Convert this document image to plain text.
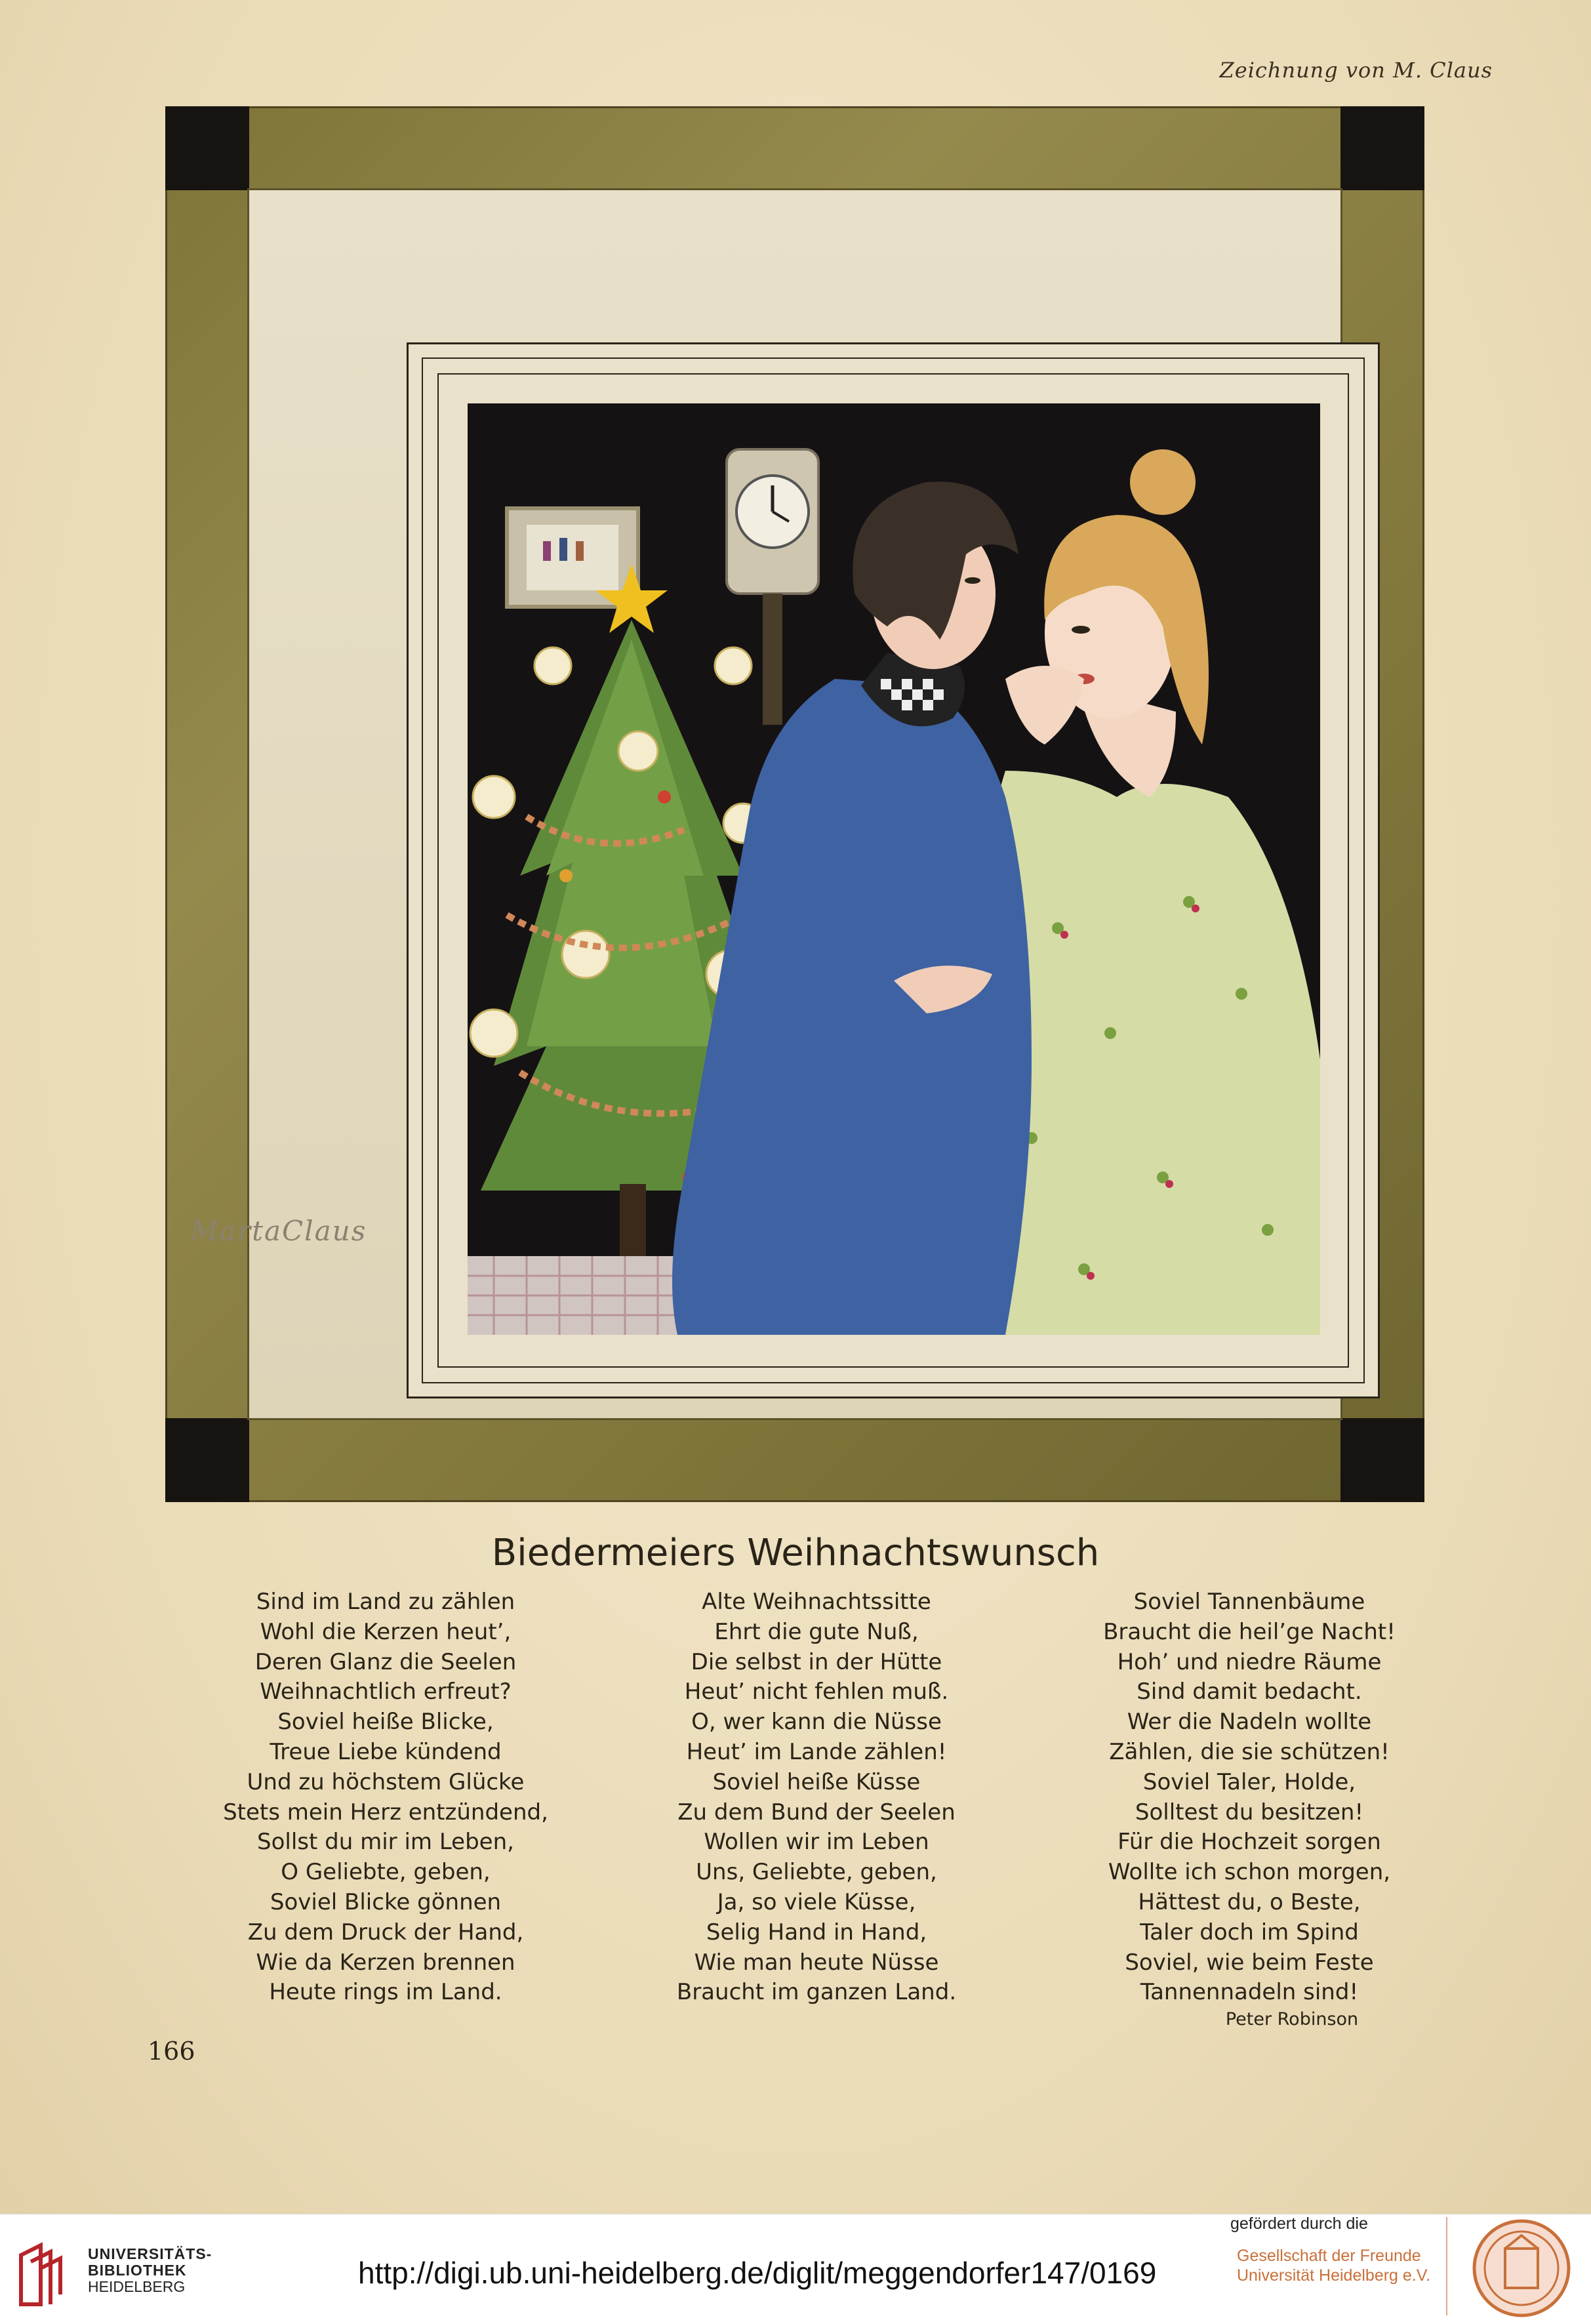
Zeichnung von M. Claus
MartaClaus
Biedermeiers Weihnachtswunsch
Sind im Land zu zählen
Wohl die Kerzen heut’,
Deren Glanz die Seelen
Weihnachtlich erfreut?
Soviel heiße Blicke,
Treue Liebe kündend
Und zu höchstem Glücke
Stets mein Herz entzündend,
Sollst du mir im Leben,
O Geliebte, geben,
Soviel Blicke gönnen
Zu dem Druck der Hand,
Wie da Kerzen brennen
Heute rings im Land.
Alte Weihnachtssitte
Ehrt die gute Nuß,
Die selbst in der Hütte
Heut’ nicht fehlen muß.
O, wer kann die Nüsse
Heut’ im Lande zählen!
Soviel heiße Küsse
Zu dem Bund der Seelen
Wollen wir im Leben
Uns, Geliebte, geben,
Ja, so viele Küsse,
Selig Hand in Hand,
Wie man heute Nüsse
Braucht im ganzen Land.
Soviel Tannenbäume
Braucht die heil’ge Nacht!
Hoh’ und niedre Räume
Sind damit bedacht.
Wer die Nadeln wollte
Zählen, die sie schützen!
Soviel Taler, Holde,
Solltest du besitzen!
Für die Hochzeit sorgen
Wollte ich schon morgen,
Hättest du, o Beste,
Taler doch im Spind
Soviel, wie beim Feste
Tannennadeln sind!
Peter Robinson
166
UNIVERSITÄTS-
BIBLIOTHEK
HEIDELBERG	http://digi.ub.uni-heidelberg.de/diglit/meggendorfer147/0169
gefördert durch die
Gesellschaft der Freunde
Universität Heidelberg e.V.
